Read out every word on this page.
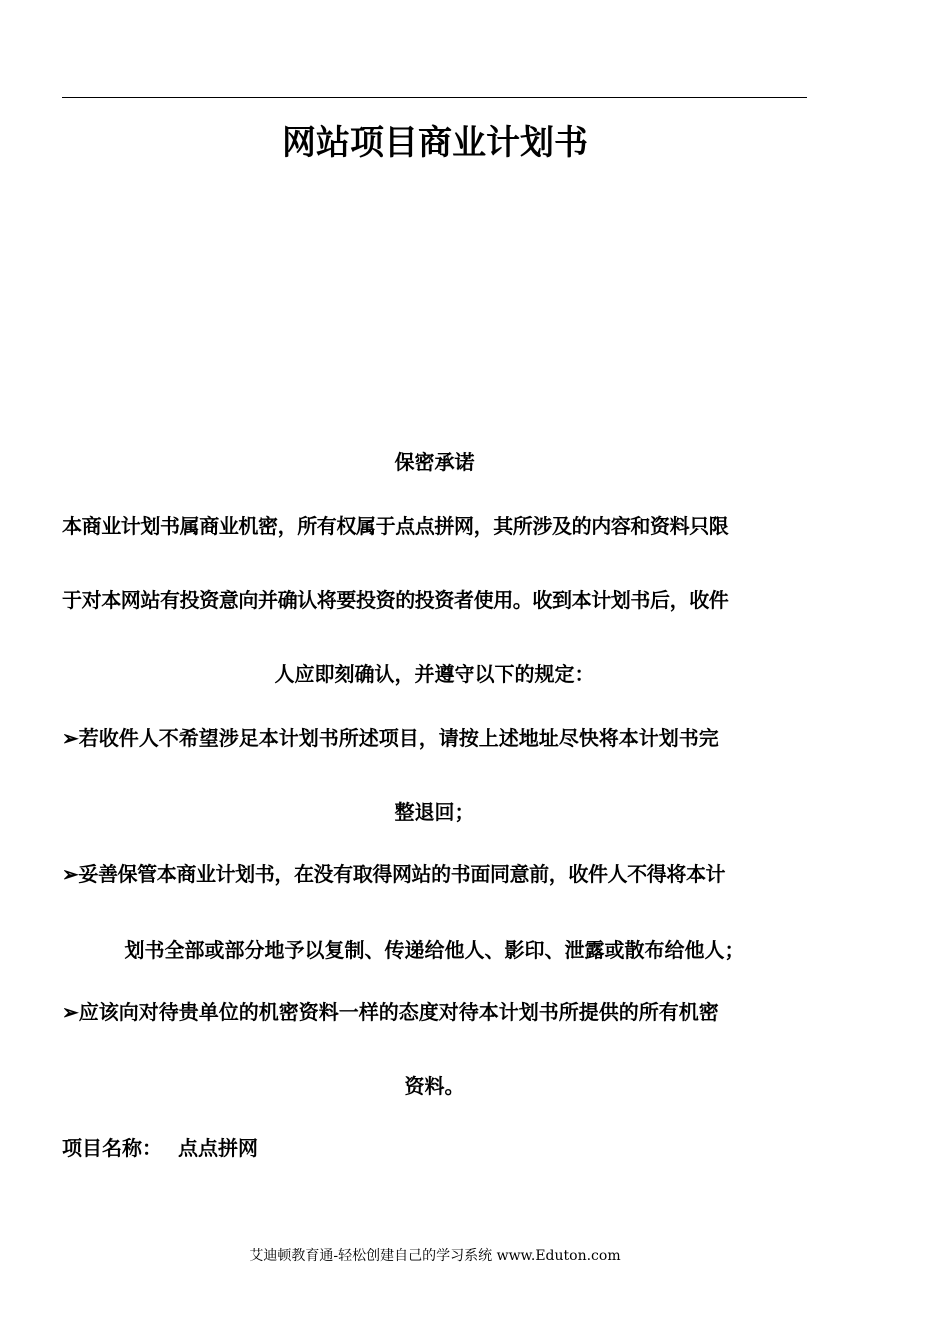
网站项目商业计划书
保密承诺
本商业计划书属商业机密，所有权属于点点拼网，其所涉及的内容和资料只限
于对本网站有投资意向并确认将要投资的投资者使用。收到本计划书后，收件
人应即刻确认，并遵守以下的规定：
➢若收件人不希望涉足本计划书所述项目，请按上述地址尽快将本计划书完
整退回；
➢妥善保管本商业计划书，在没有取得网站的书面同意前，收件人不得将本计
划书全部或部分地予以复制、传递给他人、影印、泄露或散布给他人；
➢应该向对待贵单位的机密资料一样的态度对待本计划书所提供的所有机密
资料。
项目名称： 点点拼网
艾迪顿教育通-轻松创建自己的学习系统 www.Eduton.com
